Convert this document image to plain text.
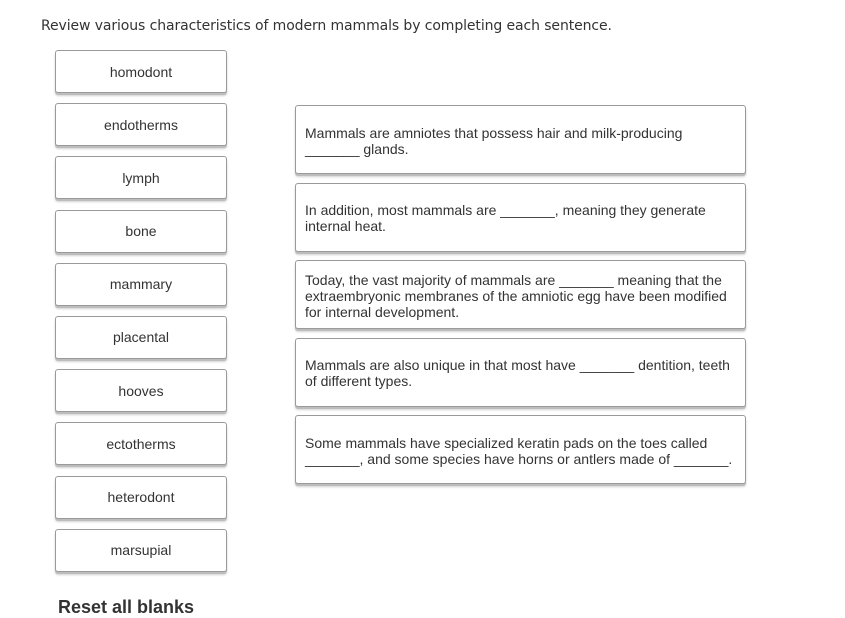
Review various characteristics of modern mammals by completing each sentence.
homodont
endotherms
lymph
bone
mammary
placental
hooves
ectotherms
heterodont
marsupial
Mammals are amniotes that possess hair and milk-producing _______ glands.
In addition, most mammals are _______, meaning they generate internal heat.
Today, the vast majority of mammals are _______ meaning that the extraembryonic membranes of the amniotic egg have been modified for internal development.
Mammals are also unique in that most have _______ dentition, teeth of different types.
Some mammals have specialized keratin pads on the toes called _______, and some species have horns or antlers made of _______.
Reset all blanks
